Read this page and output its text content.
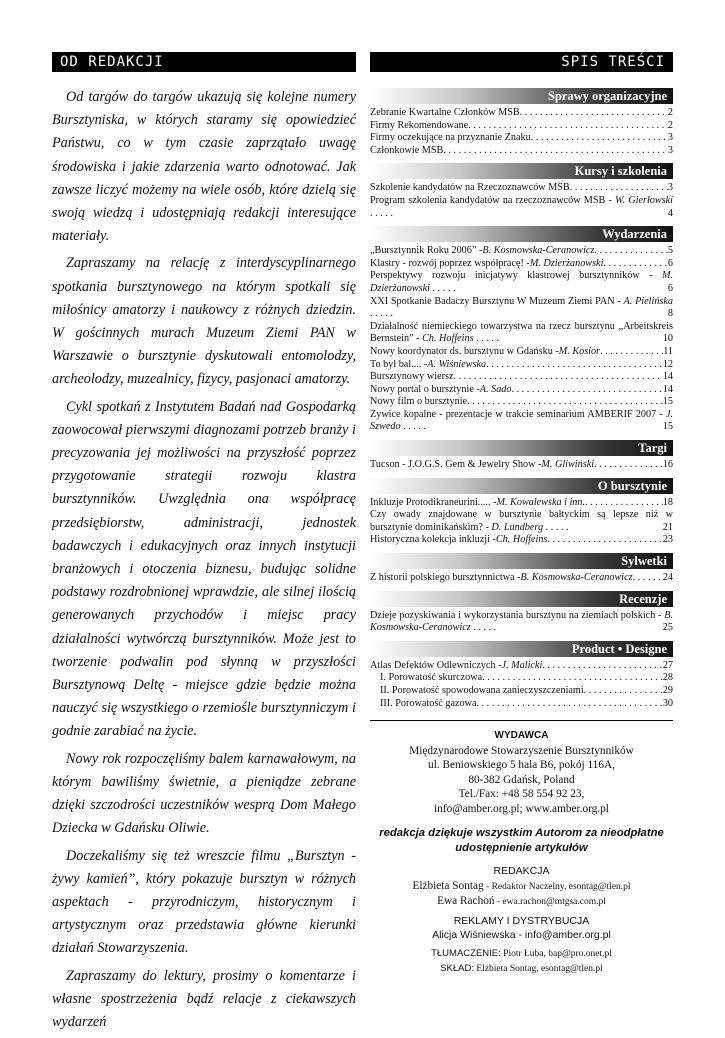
OD REDAKCJI

Od targów do targów ukazują się kolejne numery Bursztyniska, w których staramy się opowiedzieć Państwu, co w tym czasie zaprzątało uwagę środowiska i jakie zdarzenia warto odnotować. Jak zawsze liczyć możemy na wiele osób, które dzielą się swoją wiedzą i udostępniają redakcji interesujące materiały.

Zapraszamy na relację z interdyscyplinarnego spotkania bursztynowego na którym spotkali się miłośnicy amatorzy i naukowcy z różnych dziedzin. W gościnnych murach Muzeum Ziemi PAN w Warszawie o bursztynie dyskutowali entomolodzy, archeolodzy, muzealnicy, fizycy, pasjonaci amatorzy.

Cykl spotkań z Instytutem Badań nad Gospodarką zaowocował pierwszymi diagnozami potrzeb branży i precyzowania jej możliwości na przyszłość poprzez przygotowanie strategii rozwoju klastra bursztynników. Uwzględnia ona współpracę przedsiębiorstw, administracji, jednostek badawczych i edukacyjnych oraz innych instytucji branżowych i otoczenia biznesu, budując solidne podstawy rozdrobnionej wprawdzie, ale silnej ilością generowanych przychodów i miejsc pracy działalności wytwórczą bursztynników. Może jest to tworzenie podwalin pod słynną w przyszłości Bursztynową Deltę - miejsce gdzie będzie można nauczyć się wszystkiego o rzemiośle bursztynniczym i godnie zarabiać na życie.

Nowy rok rozpoczęliśmy balem karnawałowym, na którym bawiliśmy świetnie, a pieniądze zebrane dzięki szczodrości uczestników wesprą Dom Małego Dziecka w Gdańsku Oliwie.

Doczekaliśmy się też wreszcie filmu „Bursztyn - żywy kamień”, który pokazuje bursztyn w różnych aspektach - przyrodniczym, historycznym i artystycznym oraz przedstawia główne kierunki działań Stowarzyszenia.

Zapraszamy do lektury, prosimy o komentarze i własne spostrzeżenia bądź relacje z ciekawszych wydarzeń

SPIS TREŚCI
Sprawy organizacyjne
Zebranie Kwartalne Członków MSB . . .	2
Firmy Rekomendowane . . .	2
Firmy oczekujące na przyznanie Znaku . . .	3
Członkowie MSB . . .	3
Kursy i szkolenia
Szkolenie kandydatów na Rzeczoznawców MSB . . .	3
Program szkolenia kandydatów na rzeczoznawców MSB - W. Gierłowski . . . . .	4
Wydarzenia
„Bursztynnik Roku 2006” - B. Kosmowska-Ceranowicz . . .	5
Klastry - rozwój poprzez współpracę! - M. Dzierżanowski . . .	6
Perspektywy rozwoju inicjatywy klastrowej bursztynników - M. Dzierżanowski . . . . .	6
XXI Spotkanie Badaczy Bursztynu W Muzeum Ziemi PAN - A. Pielińska . . . . .	8
Działalność niemieckiego towarzystwa na rzecz bursztynu „Arbeitskreis Bernstein” - Ch. Hoffeins . . . . .	10
Nowy koordynator ds. bursztynu w Gdańsku - M. Kosior . . .	11
To był bal.... - A. Wiśniewska . . .	12
Bursztynowy wiersz . . .	14
Nowy portal o bursztynie - A. Sado . . .	14
Nowy film o bursztynie . . .	15
Żywice kopalne - prezentacje w trakcie seminarium AMBERIF 2007 - J. Szwedo . . . . .	15
Targi
Tucson - J.O.G.S. Gem & Jewelry Show - M. Gliwiński . . .	16
O bursztynie
Inkluzje Protodikraneurini..... - M. Kowalewska i inn. . . .	18
Czy owady znajdowane w bursztynie bałtyckim są lepsze niż w bursztynie dominikańskim? - D. Lundberg . . . . .	21
Historyczna kolekcja inkluzji - Ch. Hoffeins . . .	23
Sylwetki
Z historii polskiego bursztynnictwa - B. Kosmowska-Ceranowicz . . .	24
Recenzje
Dzieje pozyskiwania i wykorzystania bursztynu na ziemiach polskich - B. Kosmowska-Ceranowicz . . . . .	25
Product • Designe
Atlas Defektów Odlewniczych - J. Malicki . . .	27
I. Porowatość skurczowa . . .	28
II. Porowatość spowodowana zanieczyszczeniami . . .	29
III. Porowatość gazowa . . .	30
WYDAWCA
Międzynarodowe Stowarzyszenie Bursztynników
ul. Beniowskiego 5 hala B6, pokój 116A,
80-382 Gdańsk, Poland
Tel./Fax: +48 58 554 92 23,
info@amber.org.pl; www.amber.org.pl
redakcja dziękuje wszystkim Autorom za nieodpłatne udostępnienie artykułów
REDAKCJA
Elżbieta Sontag - Redaktor Naczelny, esontag@tlen.pl
Ewa Rachoń - ewa.rachon@mtgsa.com.pl
REKLAMY I DYSTRYBUCJA
Alicja Wiśniewska - info@amber.org.pl
TŁUMACZENIE: Piotr Łuba, bap@pro.onet.pl
SKŁAD: Elżbieta Sontag, esontag@tlen.pl
